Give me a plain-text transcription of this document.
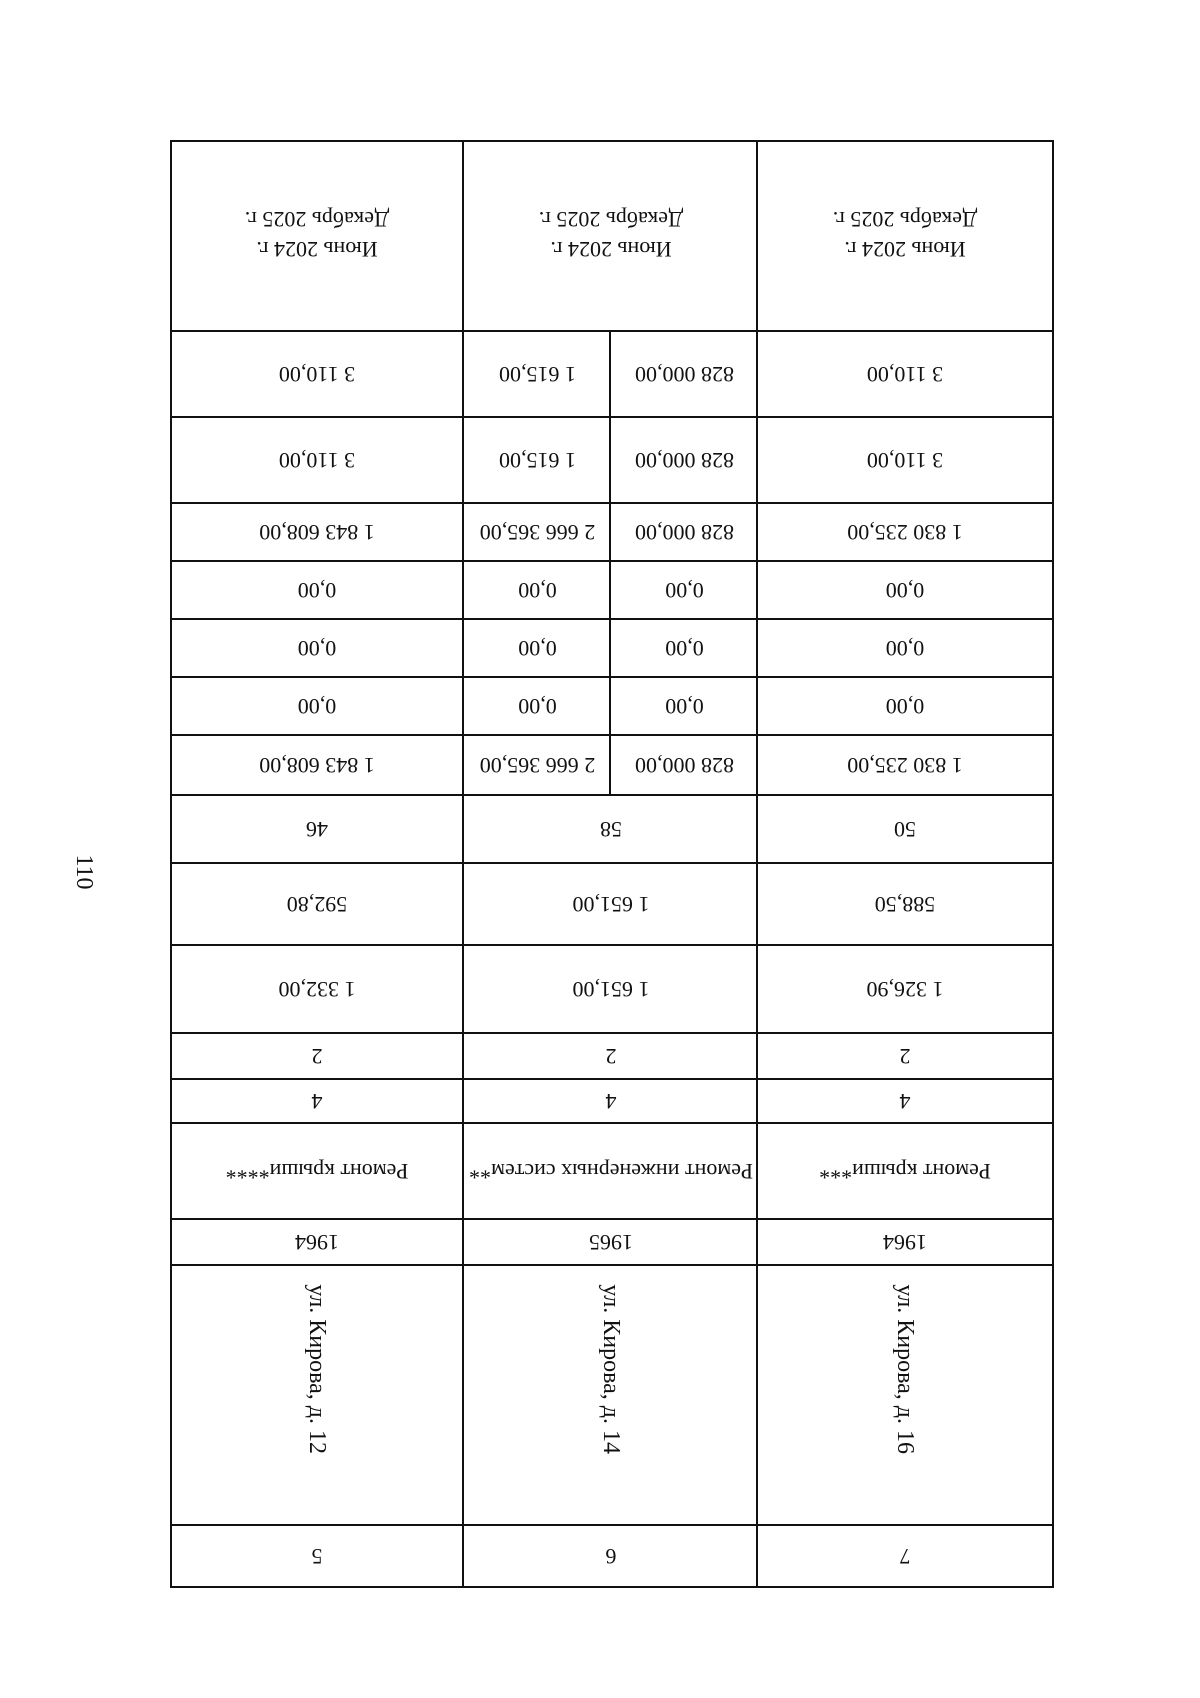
110
7
ул. Кирова, д. 16
1964
Ремонт крыши***
4
2
1 326,90
588,50
50
1 830 235,00
0,00
0,00
0,00
1 830 235,00
3 110,00
3 110,00
Июнь 2024 г.
Декабрь 2025 г.
6
ул. Кирова, д. 14
1965
Ремонт инженерных систем**
4
2
1 651,00
1 651,00
58
828 000,00
2 666 365,00
0,00
0,00
0,00
0,00
0,00
0,00
828 000,00
2 666 365,00
828 000,00
1 615,00
828 000,00
1 615,00
Июнь 2024 г.
Декабрь 2025 г.
5
ул. Кирова, д. 12
1964
Ремонт крыши****
4
2
1 332,00
592,80
46
1 843 608,00
0,00
0,00
0,00
1 843 608,00
3 110,00
3 110,00
Июнь 2024 г.
Декабрь 2025 г.
